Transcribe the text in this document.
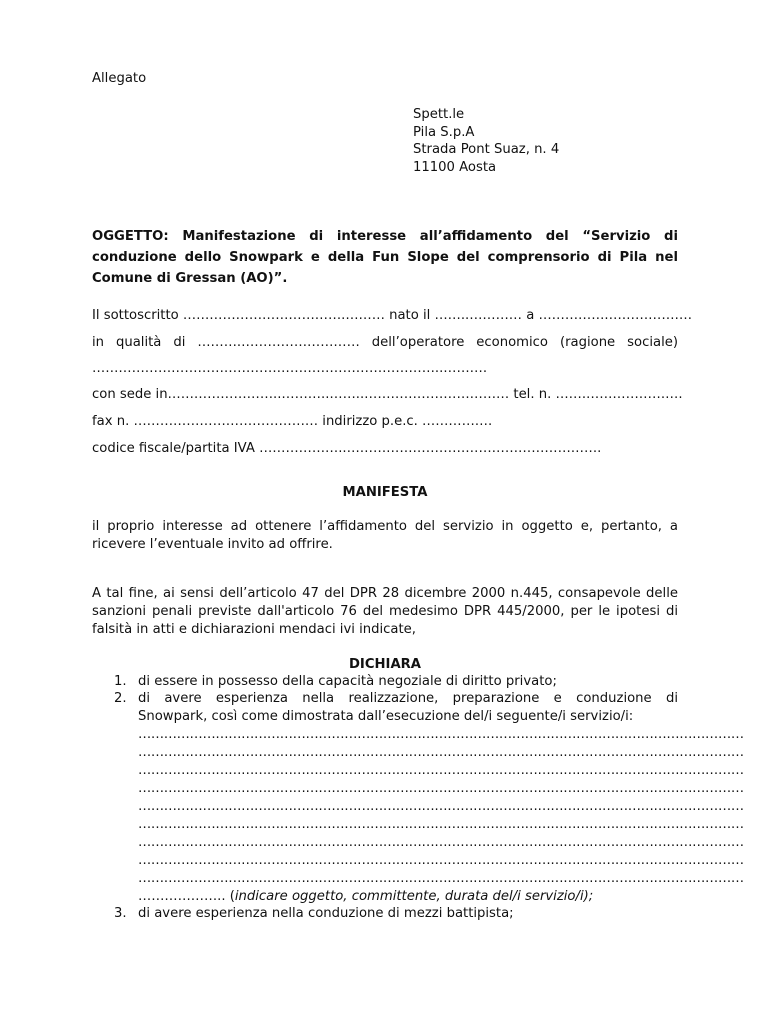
Allegato
Spett.le
Pila S.p.A
Strada Pont Suaz, n. 4
11100 Aosta
OGGETTO: Manifestazione di interesse all’affidamento del “Servizio di
conduzione dello Snowpark e della Fun Slope del comprensorio di Pila nel
Comune di Gressan (AO)”.
Il sottoscritto ……………………………….……… nato il ……..………… a …………….……………….
in qualità di ……….……………………… dell’operatore economico (ragione sociale)
……………………………………………………………………..……….
con sede in……………………..………..……..…………………………… tel. n. …….………………….
fax n. …………………………………… indirizzo p.e.c. …………….
codice fiscale/partita IVA ………………..………………………………………………….
MANIFESTA
il proprio interesse ad ottenere l’affidamento del servizio in oggetto e, pertanto, a
ricevere l’eventuale invito ad offrire.
A tal fine, ai sensi dell’articolo 47 del DPR 28 dicembre 2000 n.445, consapevole delle
sanzioni penali previste dall'articolo 76 del medesimo DPR 445/2000, per le ipotesi di
falsità in atti e dichiarazioni mendaci ivi indicate,
DICHIARA
1. di essere in possesso della capacità negoziale di diritto privato;
2. di avere esperienza nella realizzazione, preparazione e conduzione di
Snowpark, così come dimostrata dall’esecuzione del/i seguente/i servizio/i:
……………………………………………………………………………………………………………………………
……………………………………………………………………………………………………………………………
……………………………………………………………………………………………………………………………
……………………………………………………………………………………………………………………………
……………………………………………………………………………………………………………………………
……………………………………………………………………………………………………………………………
……………………………………………………………………………………………………………………………
……………………………………………………………………………………………………………………………
……………………………………………………………………………………………………………………………
……………….. (indicare oggetto, committente, durata del/i servizio/i);
3. di avere esperienza nella conduzione di mezzi battipista;
